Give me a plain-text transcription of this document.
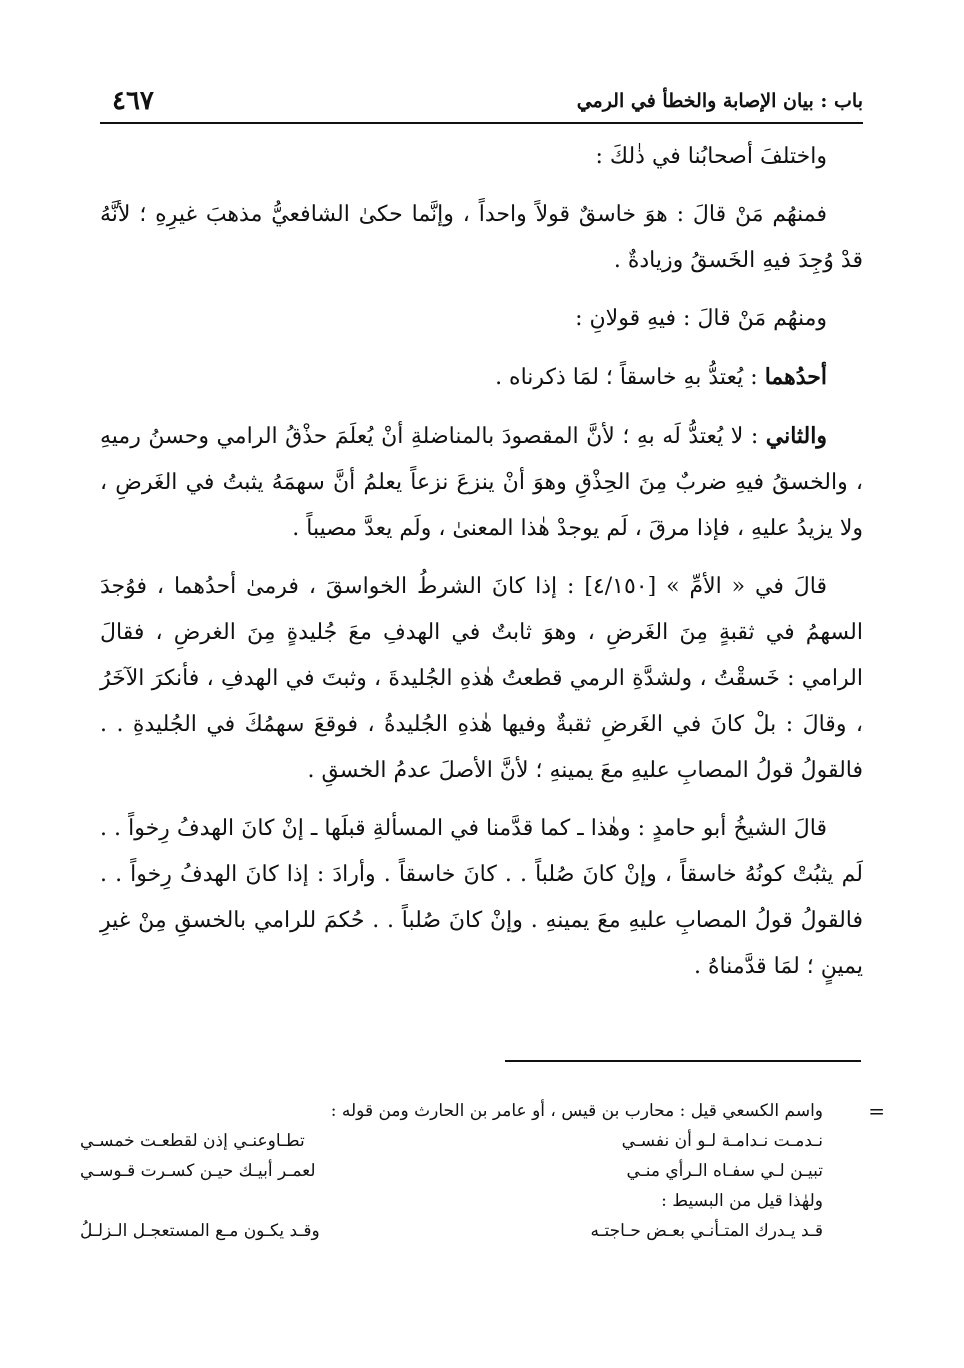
باب : بيان الإصابة والخطأ في الرمي
٤٦٧

واختلفَ أصحابُنا في ذٰلكَ :

فمنهُم مَنْ قالَ : هوَ خاسقٌ قولاً واحداً ، وإنَّما حكىٰ الشافعيُّ مذهبَ غيرِهِ ؛ لأنَّهُ قدْ وُجِدَ فيهِ الخَسقُ وزيادةٌ .

ومنهُم مَنْ قالَ : فيهِ قولانِ :

أحدُهما : يُعتدُّ بهِ خاسقاً ؛ لمَا ذكرناه .

والثاني : لا يُعتدُّ لَه بهِ ؛ لأنَّ المقصودَ بالمناضلةِ أنْ يُعلَمَ حذْقُ الرامي وحسنُ رميهِ ، والخسقُ فيهِ ضربٌ مِنَ الحِذْقِ وهوَ أنْ ينزعَ نزعاً يعلمُ أنَّ سهمَهُ يثبتُ في الغَرضِ ، ولا يزيدُ عليهِ ، فإذا مرقَ ، لَم يوجدْ هٰذا المعنىٰ ، ولَم يعدَّ مصيباً .

قالَ في « الأمِّ » [٤/١٥٠] : إذا كانَ الشرطُ الخواسقَ ، فرمىٰ أحدُهما ، فوُجدَ السهمُ في ثقبةٍ مِنَ الغَرضِ ، وهوَ ثابتٌ في الهدفِ معَ جُليدةٍ مِنَ الغرضِ ، فقالَ الرامي : خَسقْتُ ، ولشدَّةِ الرمي قطعتُ هٰذهِ الجُليدةَ ، وثبتَ في الهدفِ ، فأنكرَ الآخَرُ ، وقالَ : بلْ كانَ في الغَرضِ ثقبةٌ وفيها هٰذهِ الجُليدةُ ، فوقعَ سهمُكَ في الجُليدةِ . . فالقولُ قولُ المصابِ عليهِ معَ يمينهِ ؛ لأنَّ الأصلَ عدمُ الخسقِ .

قالَ الشيخُ أبو حامدٍ : وهٰذا ـ كما قدَّمنا في المسألةِ قبلَها ـ إنْ كانَ الهدفُ رِخواً . . لَم يثبُتْ كونُهُ خاسقاً ، وإنْ كانَ صُلباً . . كانَ خاسقاً . وأرادَ : إذا كانَ الهدفُ رِخواً . . فالقولُ قولُ المصابِ عليهِ معَ يمينهِ . وإنْ كانَ صُلباً . . حُكمَ للرامي بالخسقِ مِنْ غيرِ يمينٍ ؛ لمَا قدَّمناهُ .

=

واسم الكسعي قيل : محارب بن قيس ، أو عامر بن الحارث ومن قوله :

نـدمـت نـدامـة لـو أن نفسـي
تطـاوعنـي إذن لقطعـت خمسـي
تبيـن لـي سفـاه الـرأي منـي
لعمـر أبيـك حيـن كسـرت قـوسـي

ولهٰذا قيل من البسيط :

قـد يـدرك المتـأنـي بعـض حـاجتـه
وقـد يكـون مـع المستعجـل الـزلـلُ
